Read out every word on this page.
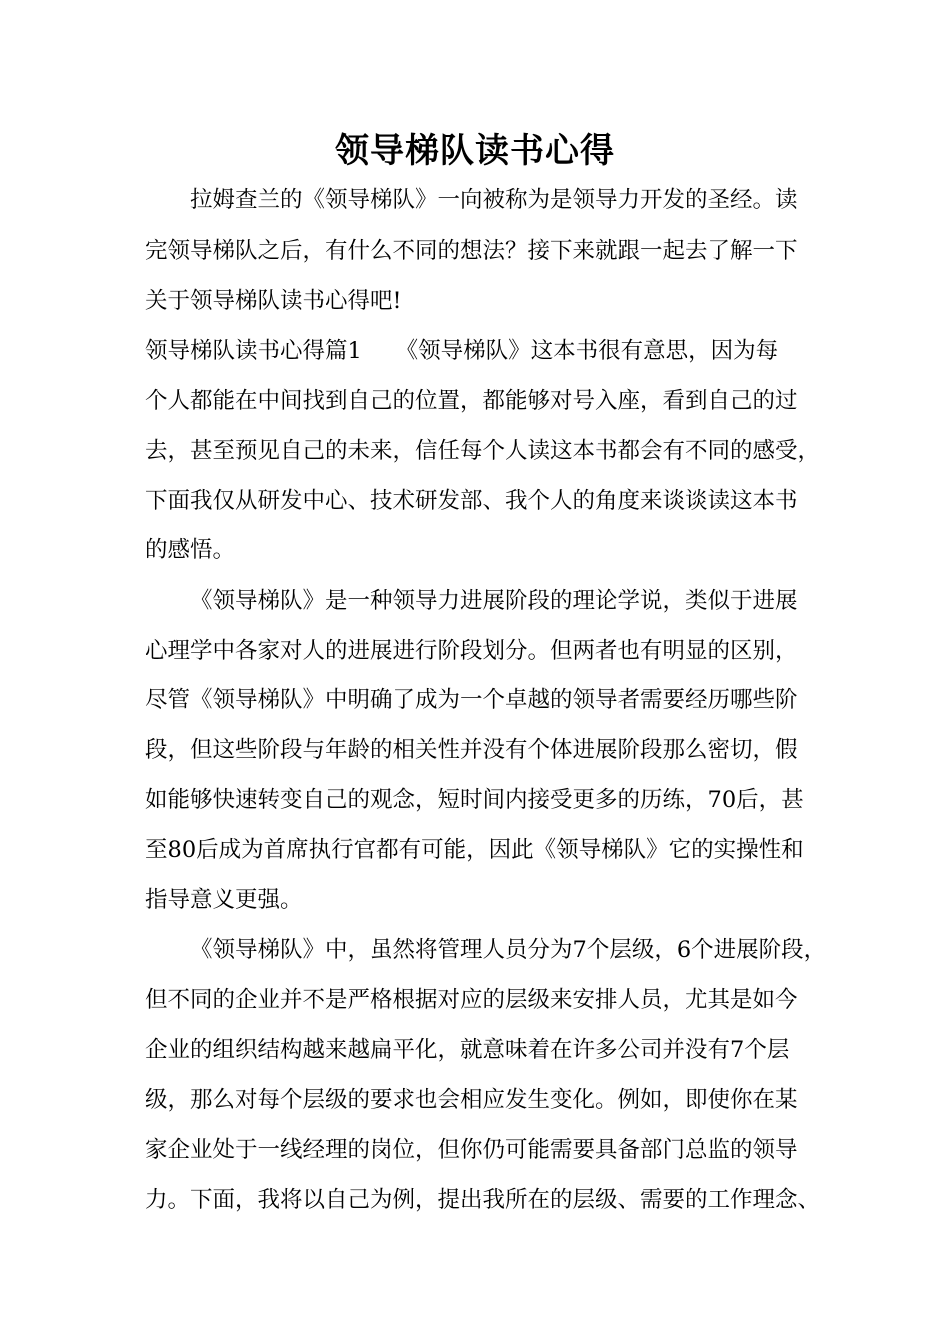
领导梯队读书心得
拉姆查兰的《领导梯队》一向被称为是领导力开发的圣经。读
完领导梯队之后，有什么不同的想法？接下来就跟一起去了解一下
关于领导梯队读书心得吧!
领导梯队读书心得篇1　　《领导梯队》这本书很有意思，因为每
个人都能在中间找到自己的位置，都能够对号入座，看到自己的过
去，甚至预见自己的未来，信任每个人读这本书都会有不同的感受，
下面我仅从研发中心、技术研发部、我个人的角度来谈谈读这本书
的感悟。
《领导梯队》是一种领导力进展阶段的理论学说，类似于进展
心理学中各家对人的进展进行阶段划分。但两者也有明显的区别，
尽管《领导梯队》中明确了成为一个卓越的领导者需要经历哪些阶
段，但这些阶段与年龄的相关性并没有个体进展阶段那么密切，假
如能够快速转变自己的观念，短时间内接受更多的历练，70后，甚
至80后成为首席执行官都有可能，因此《领导梯队》它的实操性和
指导意义更强。
《领导梯队》中，虽然将管理人员分为7个层级，6个进展阶段，
但不同的企业并不是严格根据对应的层级来安排人员，尤其是如今
企业的组织结构越来越扁平化，就意味着在许多公司并没有7个层
级，那么对每个层级的要求也会相应发生变化。例如，即使你在某
家企业处于一线经理的岗位，但你仍可能需要具备部门总监的领导
力。下面，我将以自己为例，提出我所在的层级、需要的工作理念、
